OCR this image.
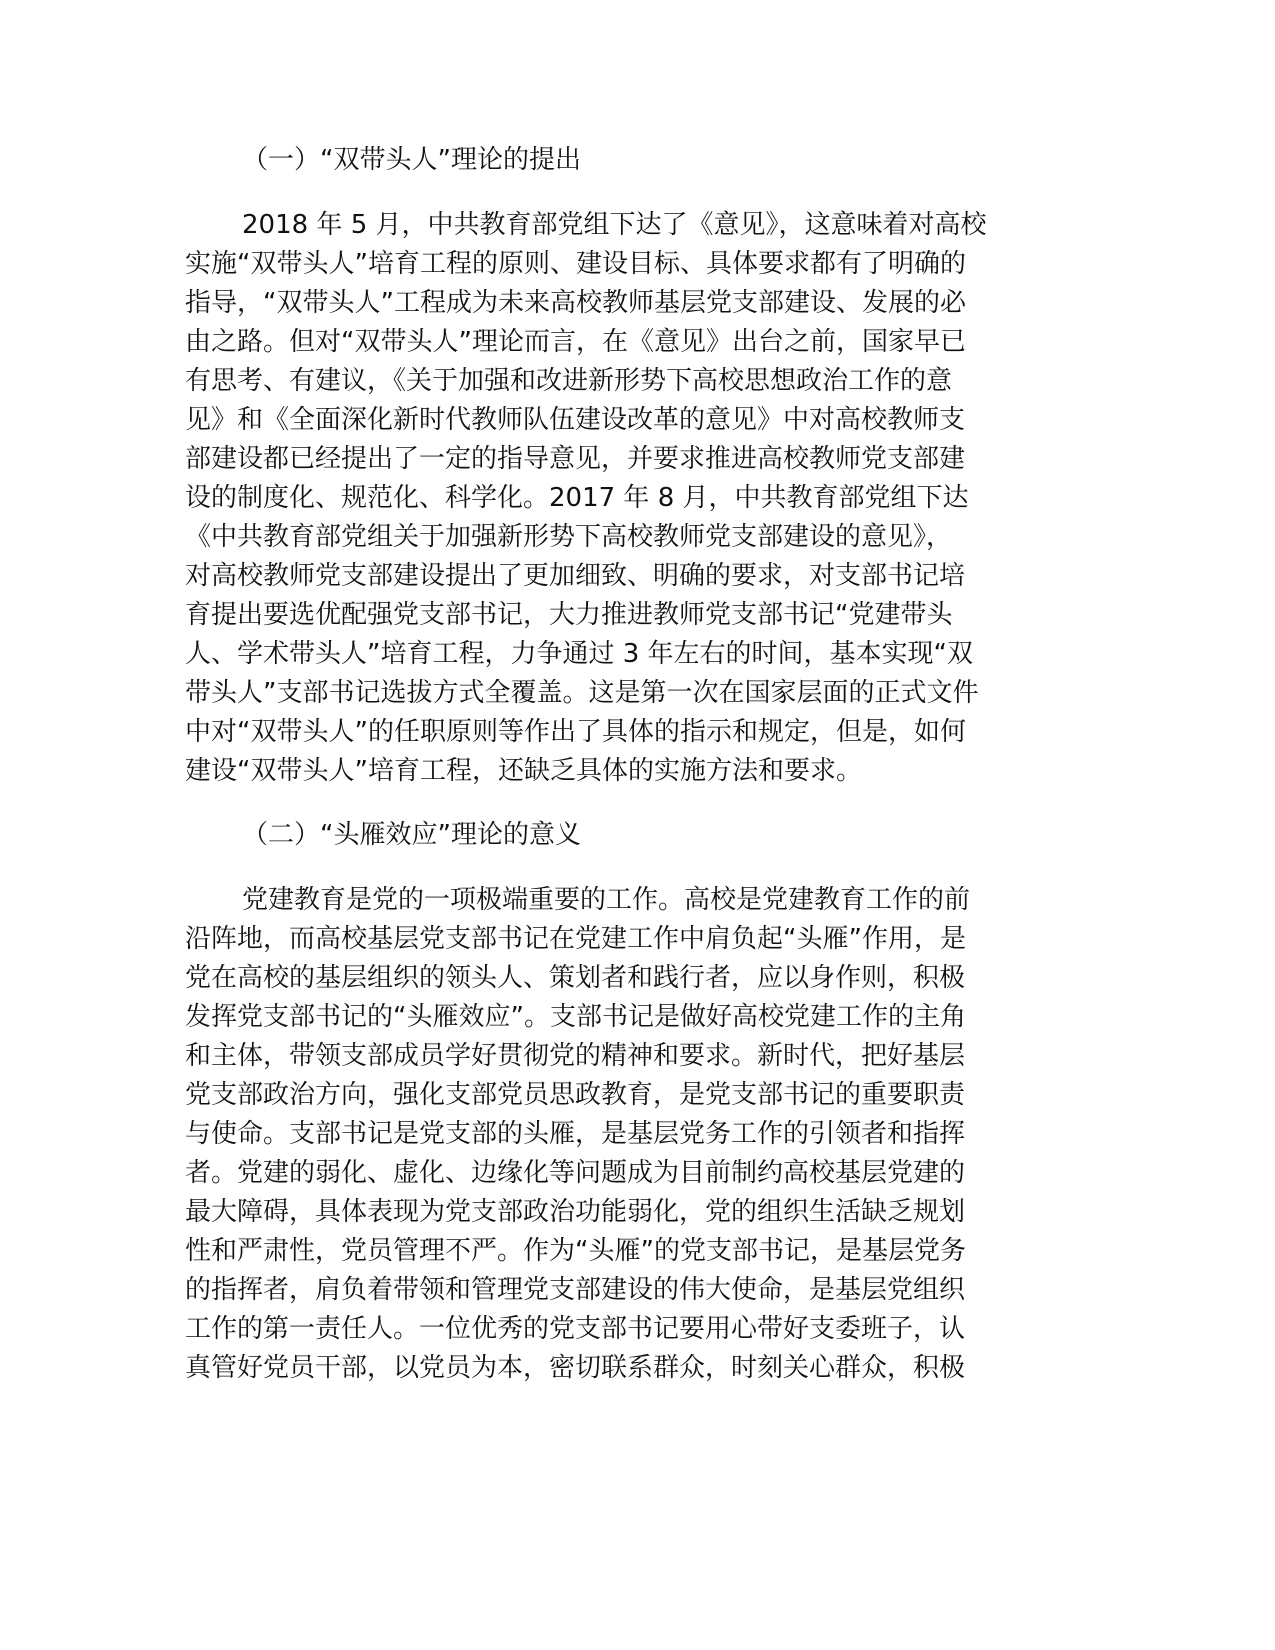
（一）“双带头人”理论的提出
2018 年 5 月，中共教育部党组下达了《意见》，这意味着对高校
实施“双带头人”培育工程的原则、建设目标、具体要求都有了明确的
指导，“双带头人”工程成为未来高校教师基层党支部建设、发展的必
由之路。但对“双带头人”理论而言，在《意见》出台之前，国家早已
有思考、有建议，《关于加强和改进新形势下高校思想政治工作的意
见》和《全面深化新时代教师队伍建设改革的意见》中对高校教师支
部建设都已经提出了一定的指导意见，并要求推进高校教师党支部建
设的制度化、规范化、科学化。2017 年 8 月，中共教育部党组下达
《中共教育部党组关于加强新形势下高校教师党支部建设的意见》，
对高校教师党支部建设提出了更加细致、明确的要求，对支部书记培
育提出要选优配强党支部书记，大力推进教师党支部书记“党建带头
人、学术带头人”培育工程，力争通过 3 年左右的时间，基本实现“双
带头人”支部书记选拔方式全覆盖。这是第一次在国家层面的正式文件
中对“双带头人”的任职原则等作出了具体的指示和规定，但是，如何
建设“双带头人”培育工程，还缺乏具体的实施方法和要求。
（二）“头雁效应”理论的意义
党建教育是党的一项极端重要的工作。高校是党建教育工作的前
沿阵地，而高校基层党支部书记在党建工作中肩负起“头雁”作用，是
党在高校的基层组织的领头人、策划者和践行者，应以身作则，积极
发挥党支部书记的“头雁效应”。支部书记是做好高校党建工作的主角
和主体，带领支部成员学好贯彻党的精神和要求。新时代，把好基层
党支部政治方向，强化支部党员思政教育，是党支部书记的重要职责
与使命。支部书记是党支部的头雁，是基层党务工作的引领者和指挥
者。党建的弱化、虚化、边缘化等问题成为目前制约高校基层党建的
最大障碍，具体表现为党支部政治功能弱化，党的组织生活缺乏规划
性和严肃性，党员管理不严。作为“头雁”的党支部书记，是基层党务
的指挥者，肩负着带领和管理党支部建设的伟大使命，是基层党组织
工作的第一责任人。一位优秀的党支部书记要用心带好支委班子，认
真管好党员干部，以党员为本，密切联系群众，时刻关心群众，积极
